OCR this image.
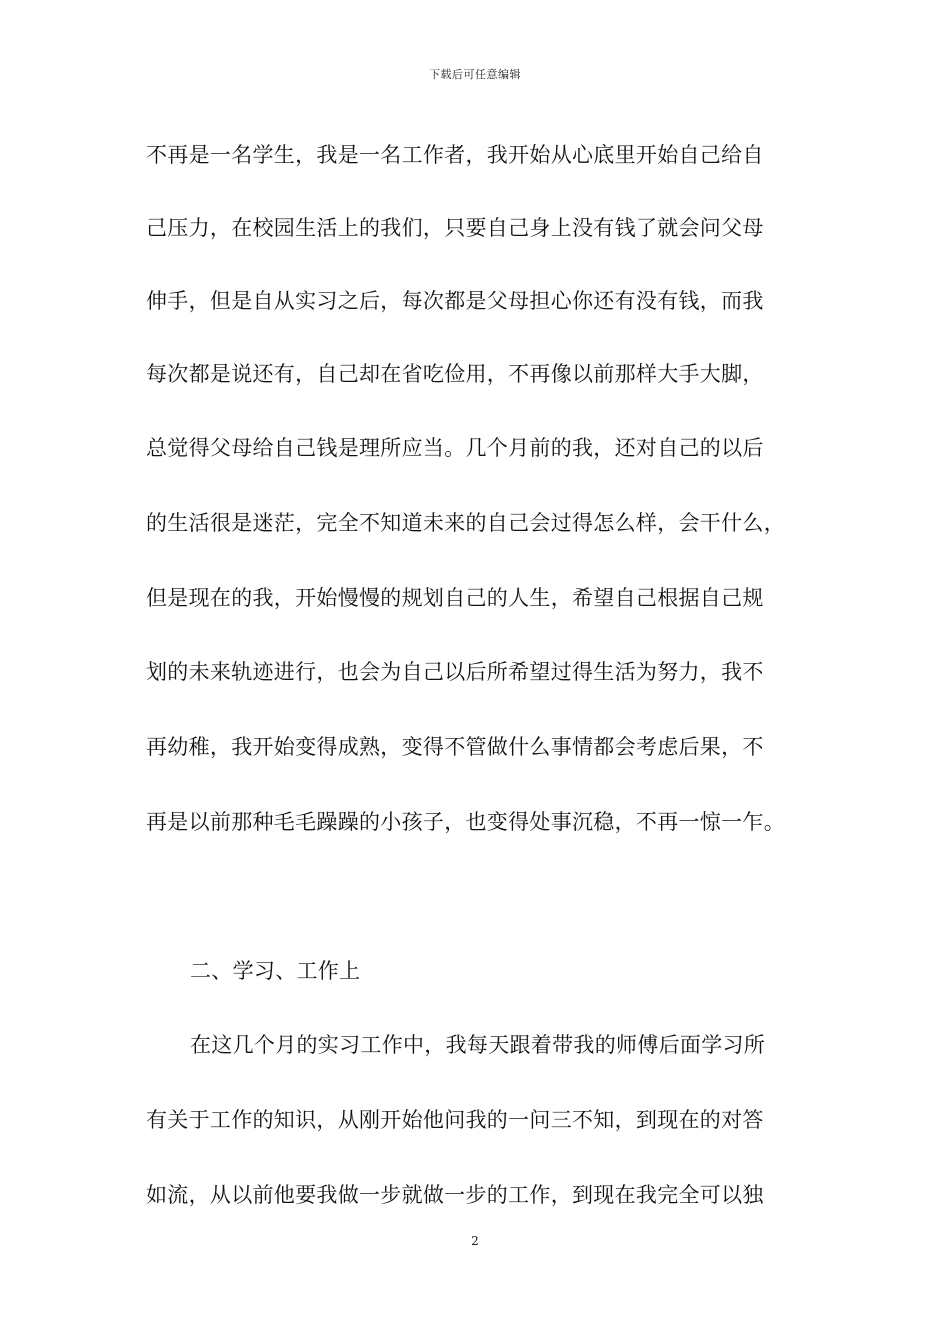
下载后可任意编辑
不再是一名学生，我是一名工作者，我开始从心底里开始自己给自
己压力，在校园生活上的我们，只要自己身上没有钱了就会问父母
伸手，但是自从实习之后，每次都是父母担心你还有没有钱，而我
每次都是说还有，自己却在省吃俭用，不再像以前那样大手大脚，
总觉得父母给自己钱是理所应当。几个月前的我，还对自己的以后
的生活很是迷茫，完全不知道未来的自己会过得怎么样，会干什么，
但是现在的我，开始慢慢的规划自己的人生，希望自己根据自己规
划的未来轨迹进行，也会为自己以后所希望过得生活为努力，我不
再幼稚，我开始变得成熟，变得不管做什么事情都会考虑后果，不
再是以前那种毛毛躁躁的小孩子，也变得处事沉稳，不再一惊一乍。
二、学习、工作上
在这几个月的实习工作中，我每天跟着带我的师傅后面学习所
有关于工作的知识，从刚开始他问我的一问三不知，到现在的对答
如流，从以前他要我做一步就做一步的工作，到现在我完全可以独
2
